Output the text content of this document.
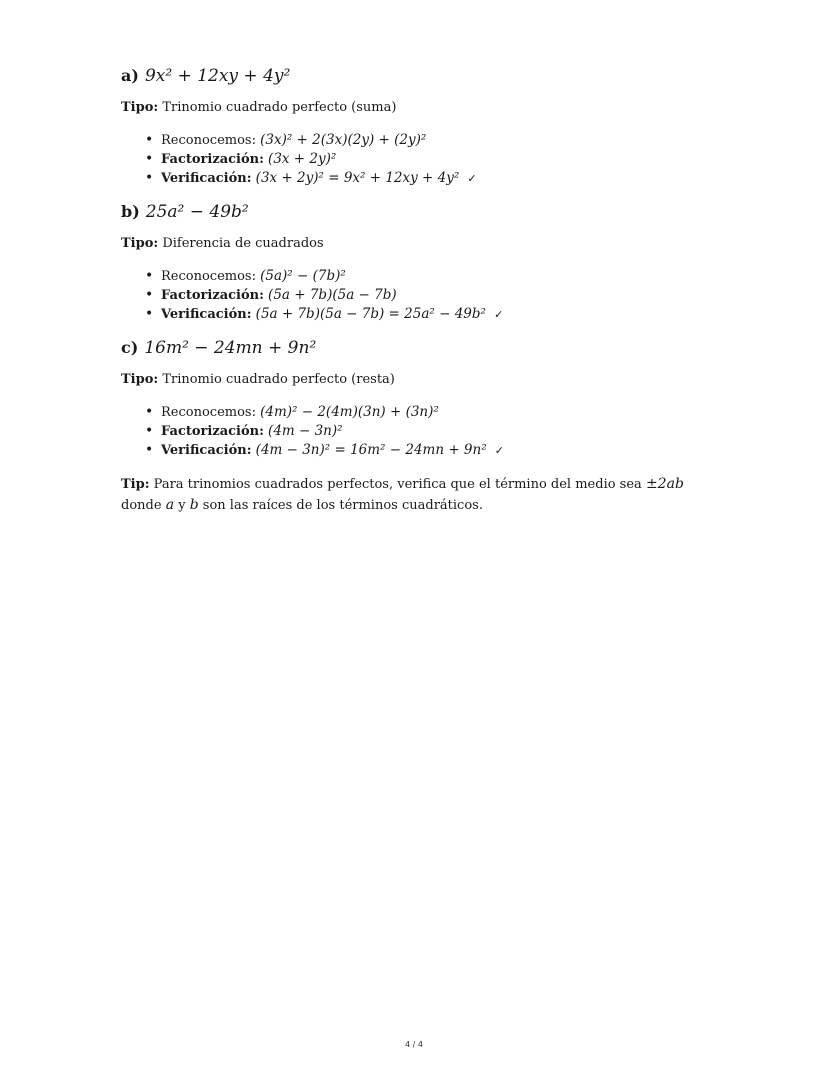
a) 9x² + 12xy + 4y²

Tipo: Trinomio cuadrado perfecto (suma)

• Reconocemos: (3x)² + 2(3x)(2y) + (2y)²
• Factorización: (3x + 2y)²
• Verificación: (3x + 2y)² = 9x² + 12xy + 4y² ✓
b) 25a² − 49b²

Tipo: Diferencia de cuadrados

• Reconocemos: (5a)² − (7b)²
• Factorización: (5a + 7b)(5a − 7b)
• Verificación: (5a + 7b)(5a − 7b) = 25a² − 49b² ✓
c) 16m² − 24mn + 9n²

Tipo: Trinomio cuadrado perfecto (resta)

• Reconocemos: (4m)² − 2(4m)(3n) + (3n)²
• Factorización: (4m − 3n)²
• Verificación: (4m − 3n)² = 16m² − 24mn + 9n² ✓

Tip: Para trinomios cuadrados perfectos, verifica que el término del medio sea ±2ab donde a y b son las raíces de los términos cuadráticos.

4 / 4
